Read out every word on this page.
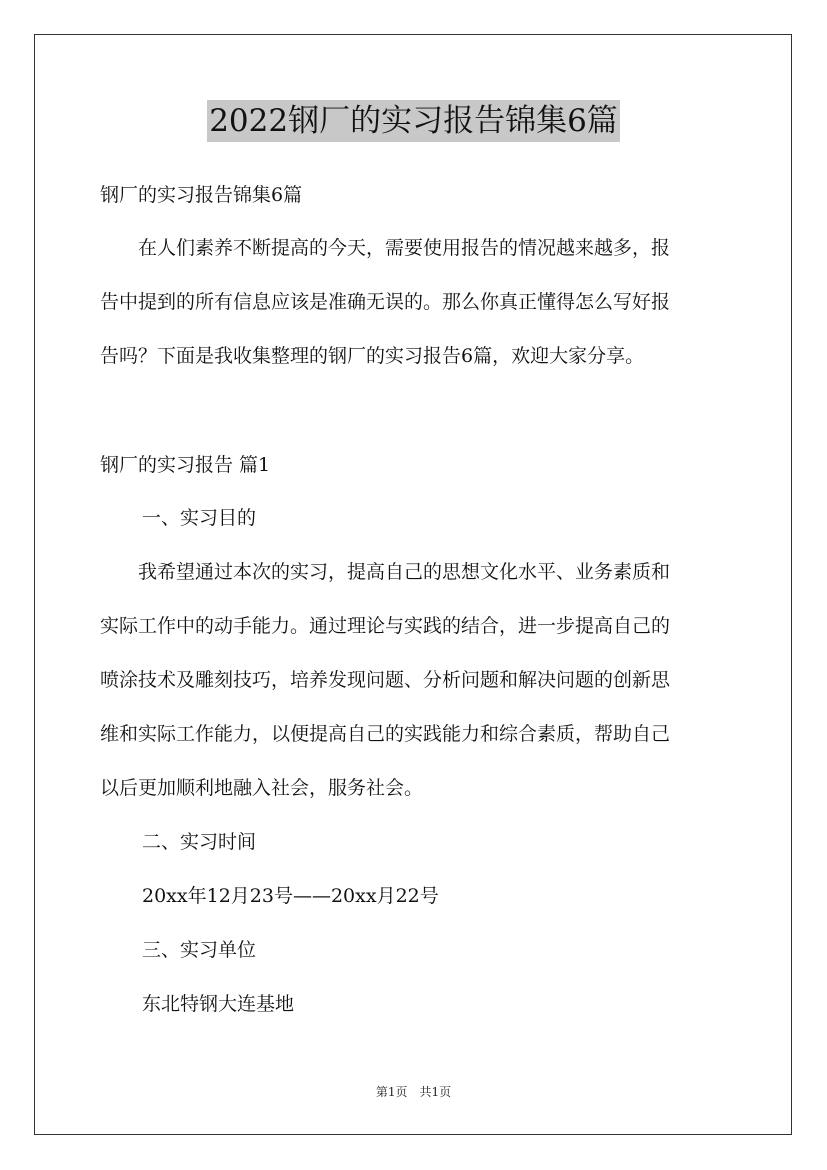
2022钢厂的实习报告锦集6篇

钢厂的实习报告锦集6篇

　　在人们素养不断提高的今天，需要使用报告的情况越来越多，报
告中提到的所有信息应该是准确无误的。那么你真正懂得怎么写好报
告吗？下面是我收集整理的钢厂的实习报告6篇，欢迎大家分享。

钢厂的实习报告 篇1

一、实习目的

　　我希望通过本次的实习，提高自己的思想文化水平、业务素质和
实际工作中的动手能力。通过理论与实践的结合，进一步提高自己的
喷涂技术及雕刻技巧，培养发现问题、分析问题和解决问题的创新思
维和实际工作能力，以便提高自己的实践能力和综合素质，帮助自己
以后更加顺利地融入社会，服务社会。

二、实习时间

20xx年12月23号——20xx月22号

三、实习单位

东北特钢大连基地

第1页　共1页
